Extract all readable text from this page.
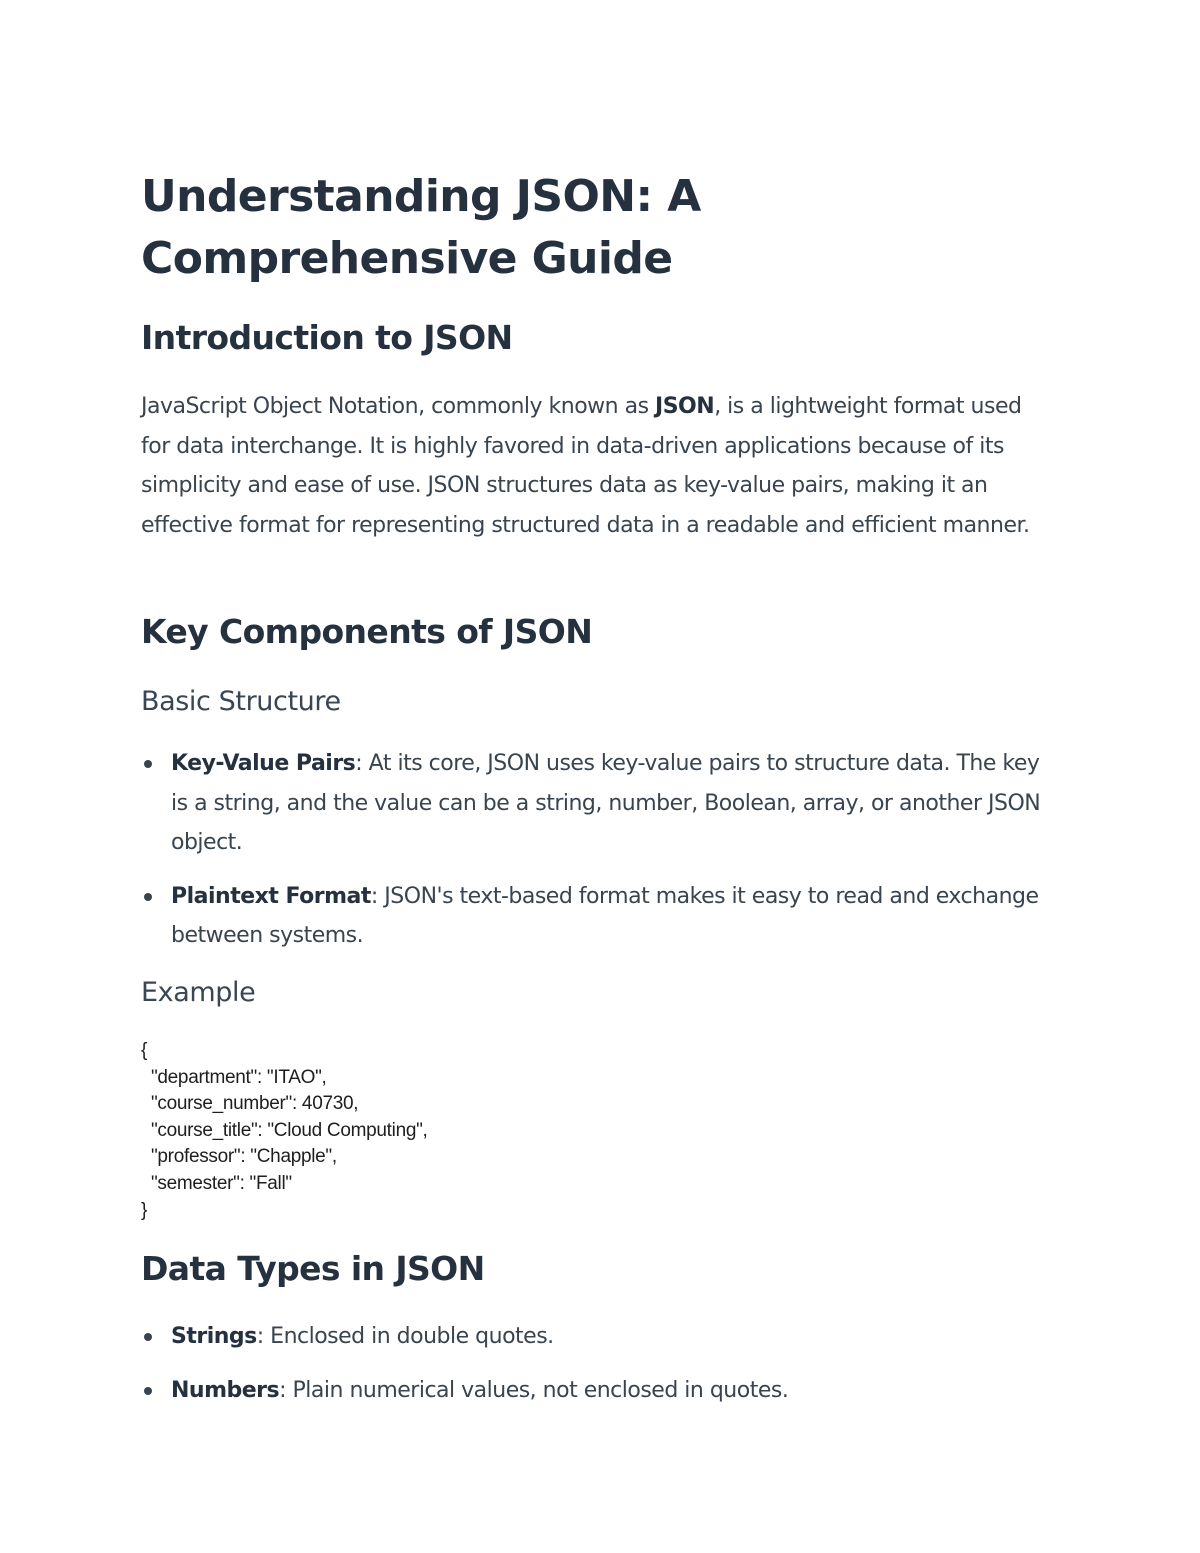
Understanding JSON: A Comprehensive Guide
Introduction to JSON

JavaScript Object Notation, commonly known as JSON, is a lightweight format used for data interchange. It is highly favored in data-driven applications because of its simplicity and ease of use. JSON structures data as key-value pairs, making it an effective format for representing structured data in a readable and efficient manner.

Key Components of JSON
Basic Structure
Key-Value Pairs: At its core, JSON uses key-value pairs to structure data. The key is a string, and the value can be a string, number, Boolean, array, or another JSON object.
Plaintext Format: JSON's text-based format makes it easy to read and exchange between systems.
Example
{
"department": "ITAO",
"course_number": 40730,
"course_title": "Cloud Computing",
"professor": "Chapple",
"semester": "Fall"
}
Data Types in JSON
Strings: Enclosed in double quotes.
Numbers: Plain numerical values, not enclosed in quotes.
